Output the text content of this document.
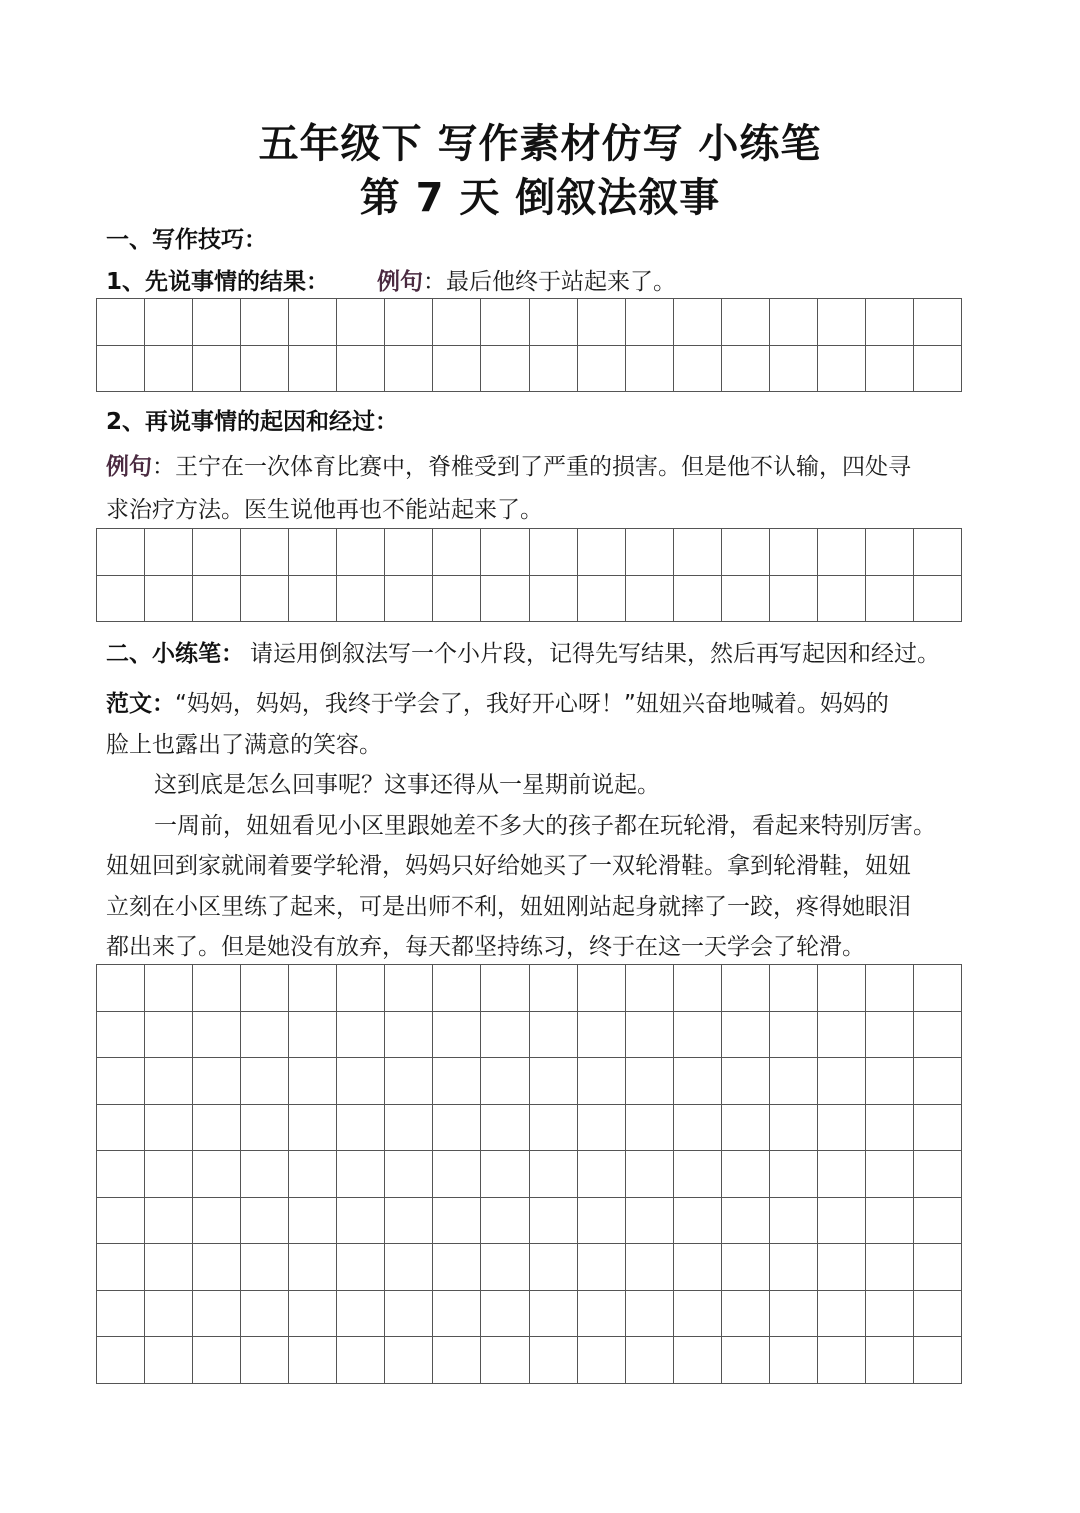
五年级下 写作素材仿写 小练笔
第 7 天 倒叙法叙事
一、写作技巧：
1、先说事情的结果： 例句：最后他终于站起来了。
2、再说事情的起因和经过：
例句：王宁在一次体育比赛中，脊椎受到了严重的损害。但是他不认输，四处寻
求治疗方法。医生说他再也不能站起来了。
二、小练笔： 请运用倒叙法写一个小片段，记得先写结果，然后再写起因和经过。
范文：“妈妈，妈妈，我终于学会了，我好开心呀！”妞妞兴奋地喊着。妈妈的
脸上也露出了满意的笑容。
这到底是怎么回事呢？这事还得从一星期前说起。
一周前，妞妞看见小区里跟她差不多大的孩子都在玩轮滑，看起来特别厉害。
妞妞回到家就闹着要学轮滑，妈妈只好给她买了一双轮滑鞋。拿到轮滑鞋，妞妞
立刻在小区里练了起来，可是出师不利，妞妞刚站起身就摔了一跤，疼得她眼泪
都出来了。但是她没有放弃，每天都坚持练习，终于在这一天学会了轮滑。
